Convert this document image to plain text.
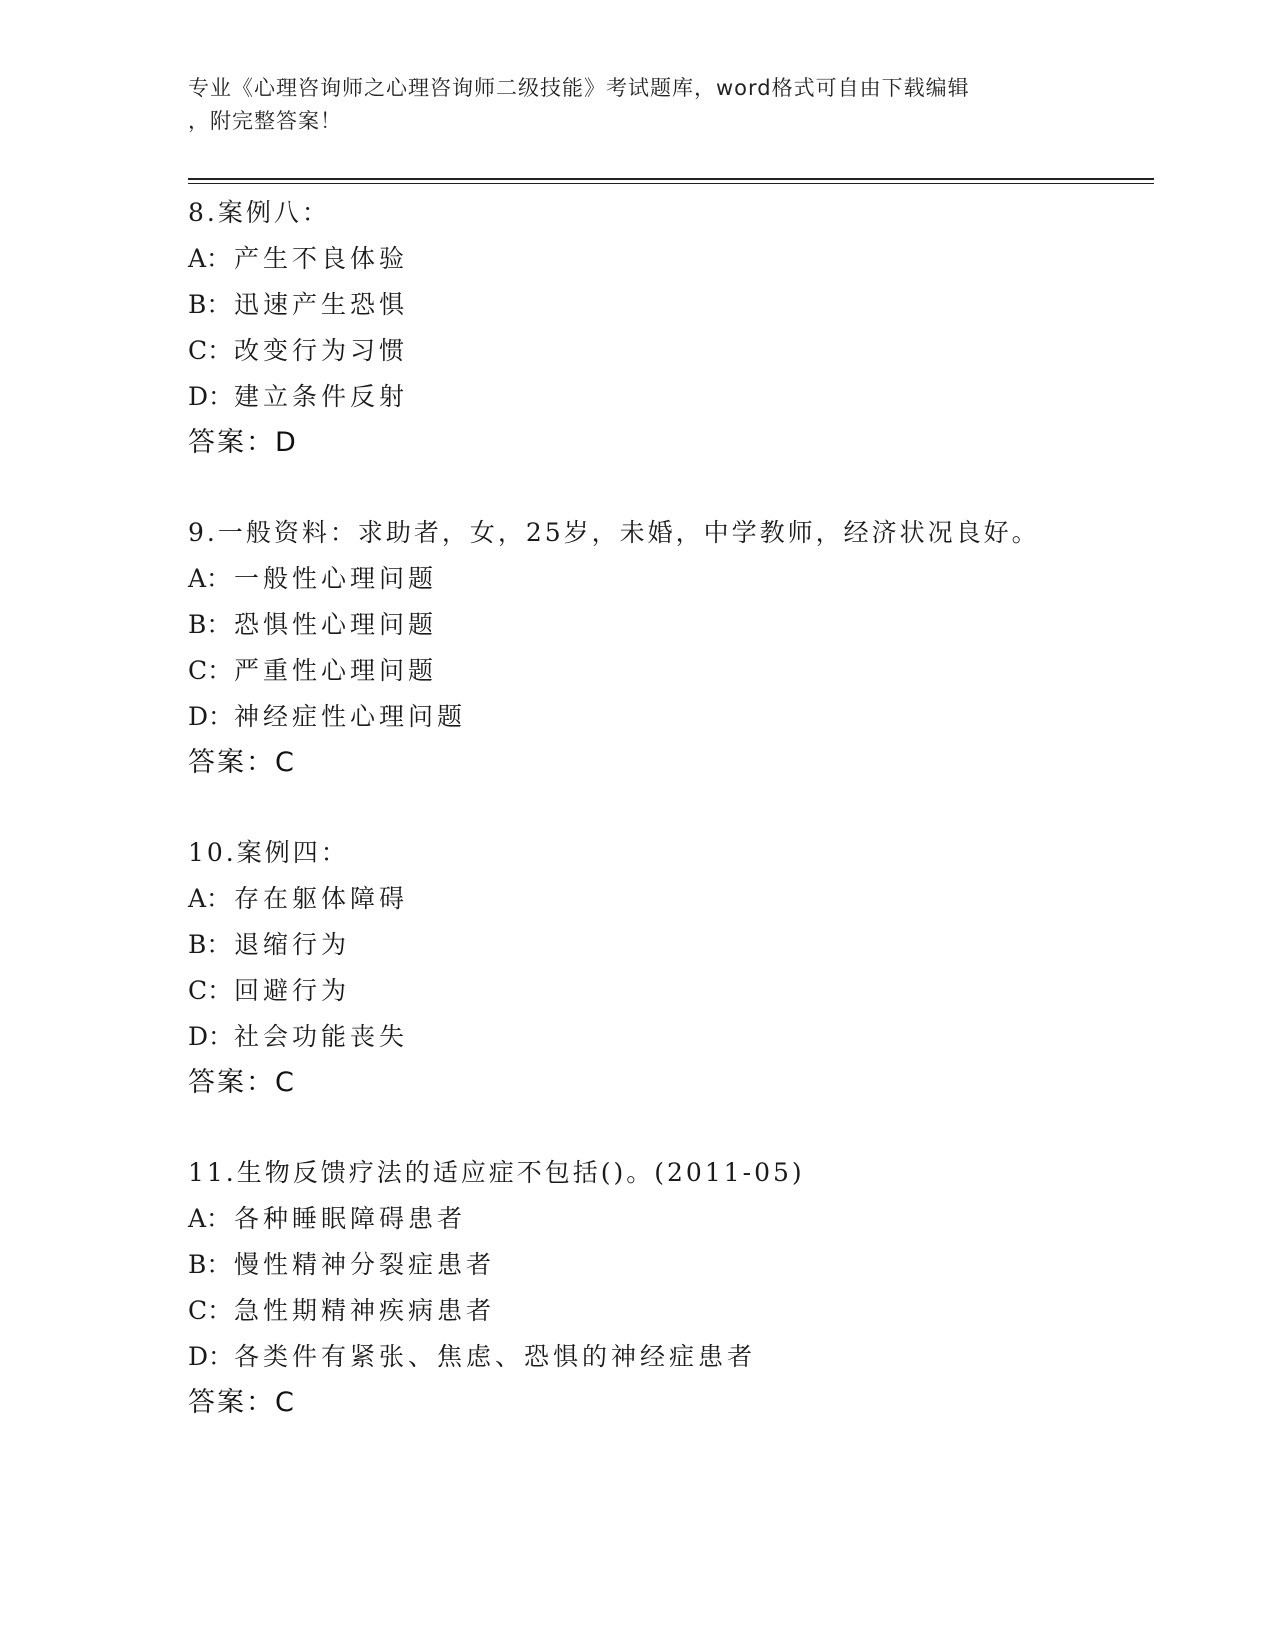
专业《心理咨询师之心理咨询师二级技能》考试题库，word格式可自由下载编辑
，附完整答案！
8.案例八：
A： 产生不良体验
B： 迅速产生恐惧
C：改变行为习惯
D：建立条件反射
答案：D
9.一般资料：求助者，女，25岁，未婚，中学教师，经济状况良好。
A： 一般性心理问题
B： 恐惧性心理问题
C：严重性心理问题
D：神经症性心理问题
答案：C
10.案例四：
A： 存在躯体障碍
B： 退缩行为
C：回避行为
D：社会功能丧失
答案：C
11.生物反馈疗法的适应症不包括()。(2011-05)
A： 各种睡眠障碍患者
B： 慢性精神分裂症患者
C：急性期精神疾病患者
D：各类件有紧张、焦虑、恐惧的神经症患者
答案：C
